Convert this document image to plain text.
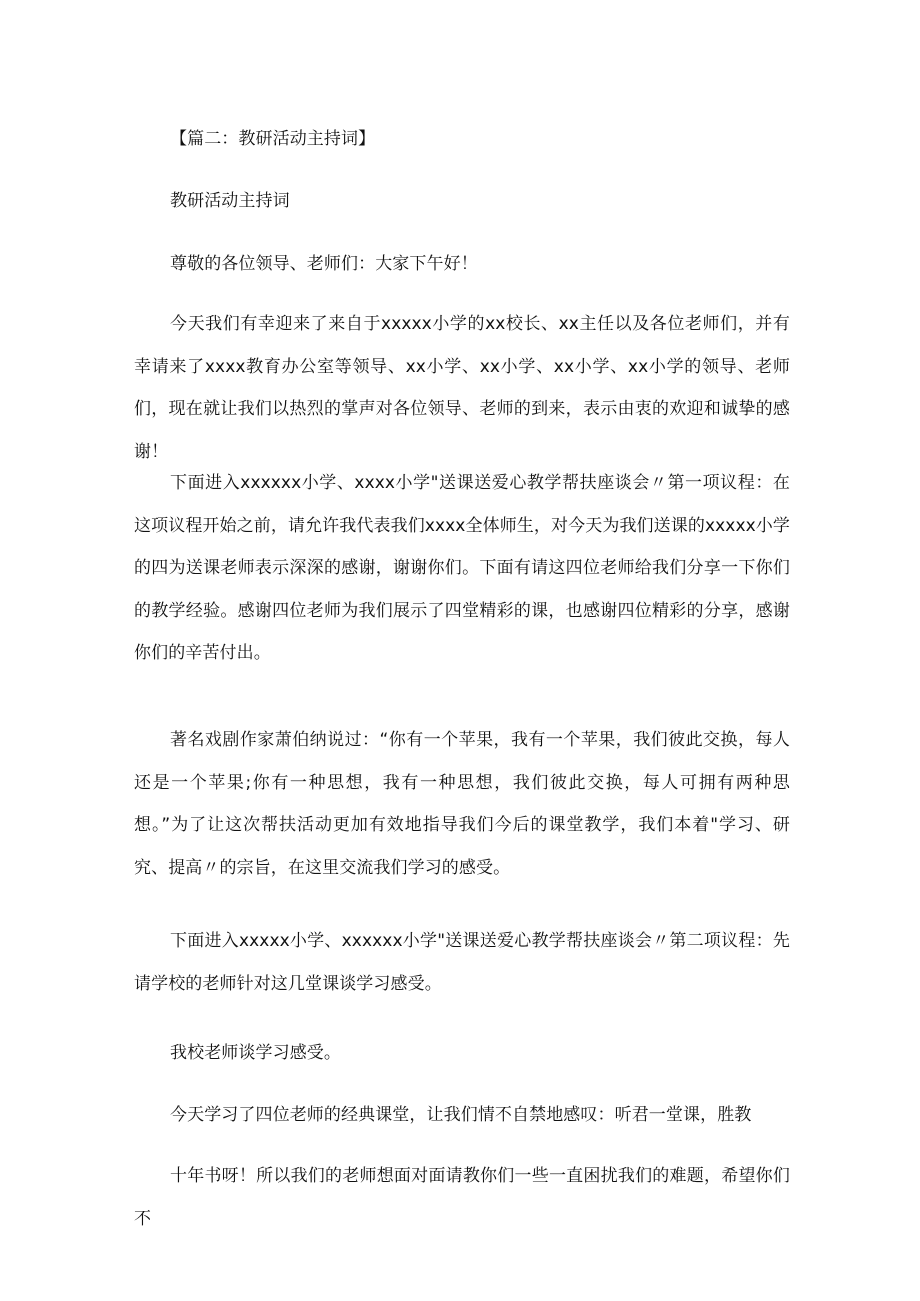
【篇二：教研活动主持词】

教研活动主持词

尊敬的各位领导、老师们：大家下午好！

今天我们有幸迎来了来自于xxxxx小学的xx校长、xx主任以及各位老师们，并有幸请来了xxxx教育办公室等领导、xx小学、xx小学、xx小学、xx小学的领导、老师们，现在就让我们以热烈的掌声对各位领导、老师的到来，表示由衷的欢迎和诚挚的感谢！

下面进入xxxxxx小学、xxxx小学"送课送爱心教学帮扶座谈会〃第一项议程：在这项议程开始之前，请允许我代表我们xxxx全体师生，对今天为我们送课的xxxxx小学的四为送课老师表示深深的感谢，谢谢你们。下面有请这四位老师给我们分享一下你们的教学经验。感谢四位老师为我们展示了四堂精彩的课，也感谢四位精彩的分享，感谢你们的辛苦付出。

著名戏剧作家萧伯纳说过：“你有一个苹果，我有一个苹果，我们彼此交换，每人还是一个苹果;你有一种思想，我有一种思想，我们彼此交换，每人可拥有两种思想。”为了让这次帮扶活动更加有效地指导我们今后的课堂教学，我们本着"学习、研究、提高〃的宗旨，在这里交流我们学习的感受。

下面进入xxxxx小学、xxxxxx小学"送课送爱心教学帮扶座谈会〃第二项议程：先请学校的老师针对这几堂课谈学习感受。

我校老师谈学习感受。

今天学习了四位老师的经典课堂，让我们情不自禁地感叹：听君一堂课，胜教

十年书呀！所以我们的老师想面对面请教你们一些一直困扰我们的难题，希望你们不
